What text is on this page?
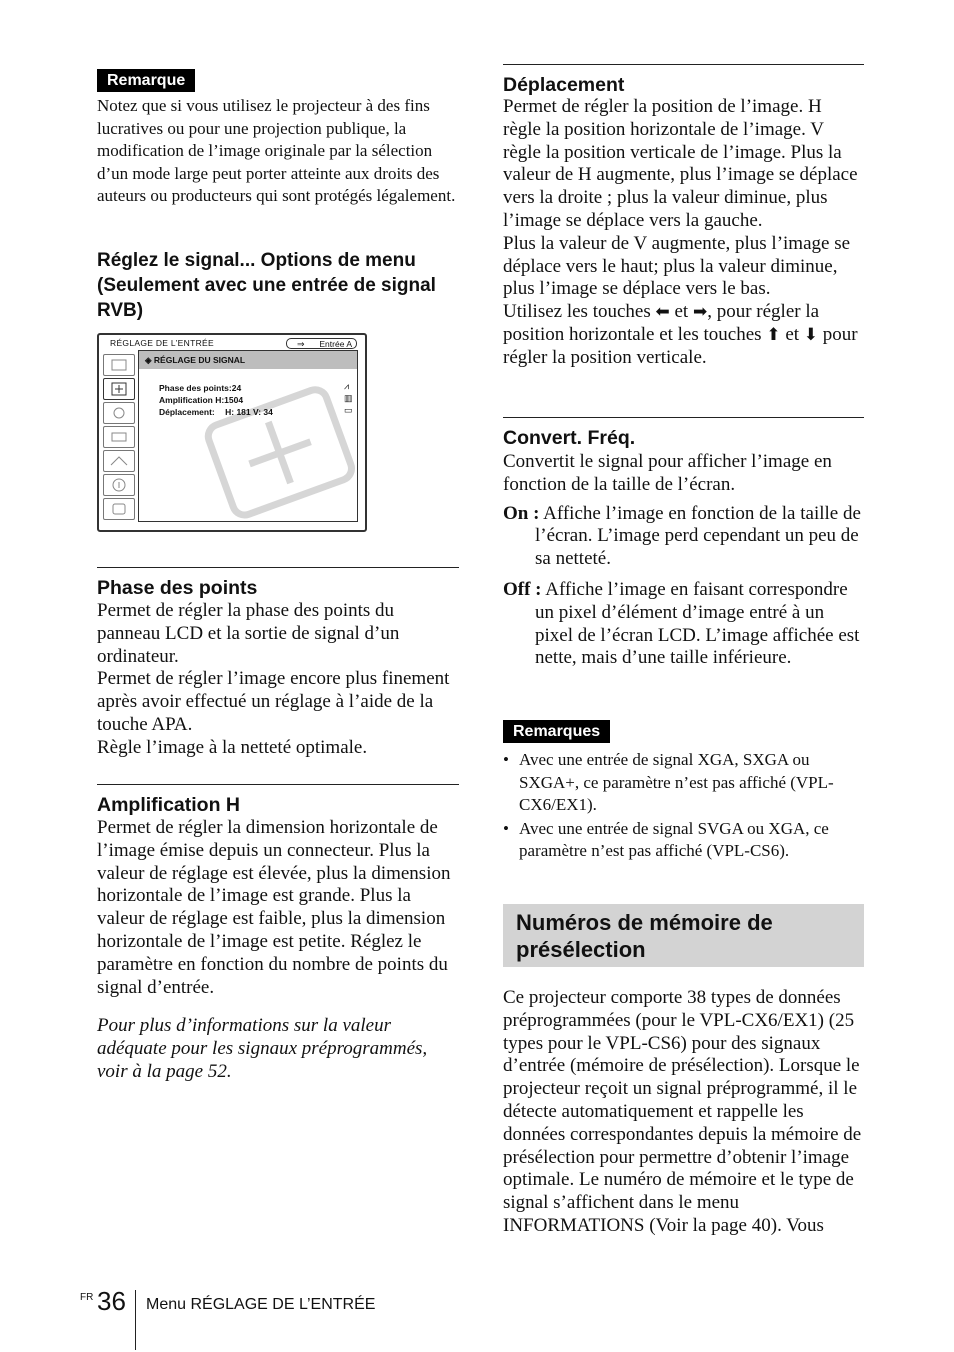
Remarque
Notez que si vous utilisez le projecteur à des fins lucratives ou pour une projection publique, la modification de l’image originale par la sélection d’un mode large peut porter atteinte aux droits des auteurs ou producteurs qui sont protégés légalement.
Réglez le signal... Options de menu (Seulement avec une entrée de signal RVB)
RÉGLAGE DE L’ENTRÉE	⇒ Entrée A
◈ RÉGLAGE DU SIGNAL
Phase des points:24
Amplification H:1504
Déplacement: H: 181 V: 34
⩘
▥
▭
Phase des points
Permet de régler la phase des points du panneau LCD et la sortie de signal d’un ordinateur.
Permet de régler l’image encore plus finement après avoir effectué un réglage à l’aide de la touche APA.
Règle l’image à la netteté optimale.
Amplification H
Permet de régler la dimension horizontale de l’image émise depuis un connecteur. Plus la valeur de réglage est élevée, plus la dimension horizontale de l’image est grande. Plus la valeur de réglage est faible, plus la dimension horizontale de l’image est petite. Réglez le paramètre en fonction du nombre de points du signal d’entrée.
Pour plus d’informations sur la valeur adéquate pour les signaux préprogrammés, voir à la page 52.
Déplacement
Permet de régler la position de l’image. H règle la position horizontale de l’image. V règle la position verticale de l’image. Plus la valeur de H augmente, plus l’image se déplace vers la droite ; plus la valeur diminue, plus l’image se déplace vers la gauche.
Plus la valeur de V augmente, plus l’image se déplace vers le haut; plus la valeur diminue, plus l’image se déplace vers le bas.
Utilisez les touches ⬅ et ➡, pour régler la position horizontale et les touches ⬆ et ⬇ pour régler la position verticale.
Convert. Fréq.
Convertit le signal pour afficher l’image en fonction de la taille de l’écran.
On : Affiche l’image en fonction de la taille de l’écran. L’image perd cependant un peu de sa netteté.
Off : Affiche l’image en faisant correspondre un pixel d’élément d’image entré à un pixel de l’écran LCD. L’image affichée est nette, mais d’une taille inférieure.
Remarques
• Avec une entrée de signal XGA, SXGA ou SXGA+, ce paramètre n’est pas affiché (VPL-CX6/EX1).
• Avec une entrée de signal SVGA ou XGA, ce paramètre n’est pas affiché (VPL-CS6).
Numéros de mémoire de présélection
Ce projecteur comporte 38 types de données préprogrammées (pour le VPL-CX6/EX1) (25 types pour le VPL-CS6) pour des signaux d’entrée (mémoire de présélection). Lorsque le projecteur reçoit un signal préprogrammé, il le détecte automatiquement et rappelle les données correspondantes depuis la mémoire de présélection pour permettre d’obtenir l’image optimale. Le numéro de mémoire et le type de signal s’affichent dans le menu INFORMATIONS (Voir la page 40). Vous
FR 36 Menu RÉGLAGE DE L’ENTRÉE
